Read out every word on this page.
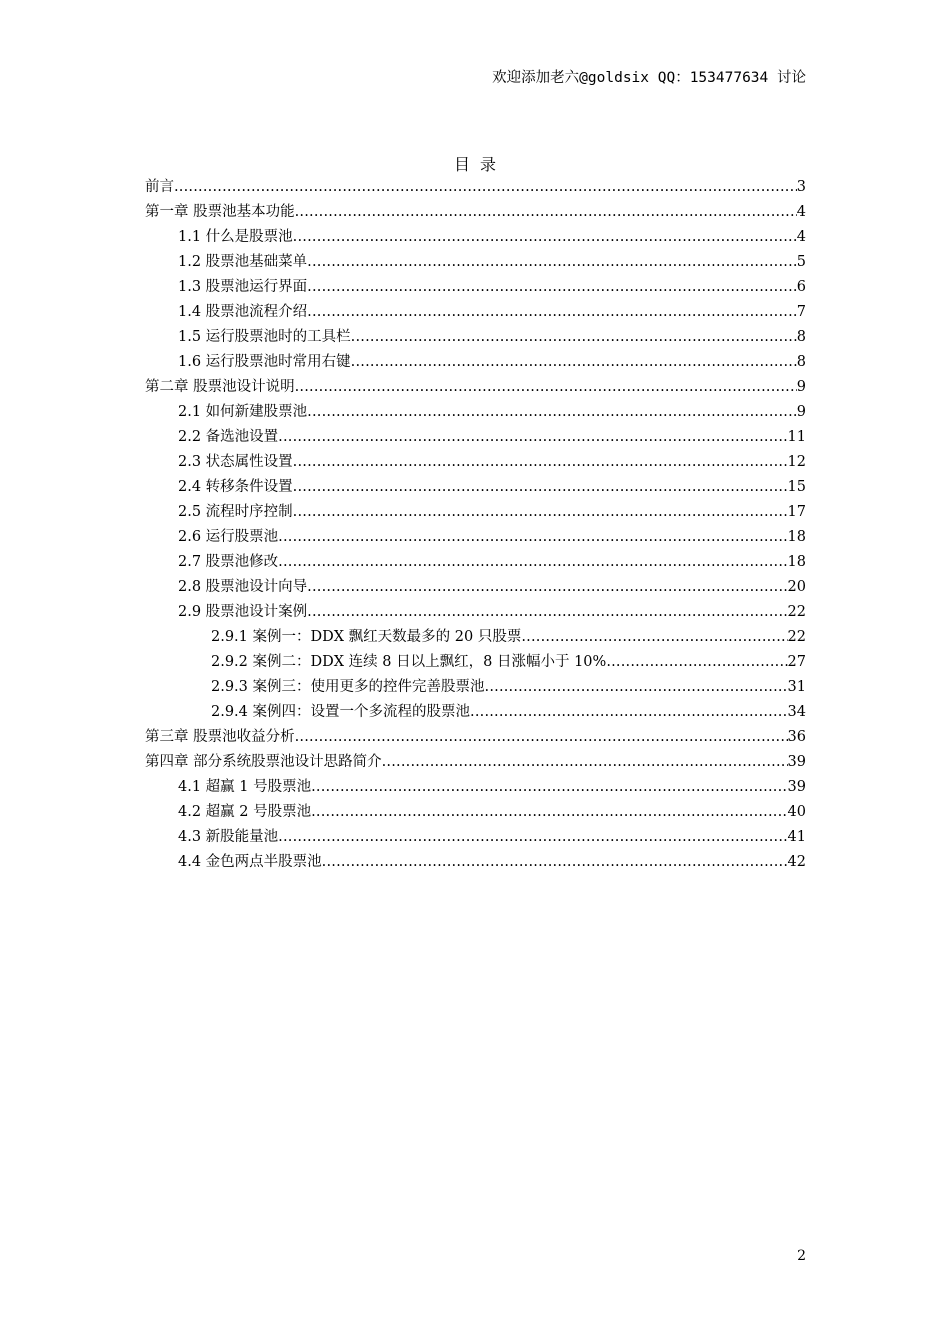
欢迎添加老六@goldsix QQ：153477634 讨论
目录
前言 .....	3
第一章 股票池基本功能 .....	4
1.1 什么是股票池 .....	4
1.2 股票池基础菜单 .....	5
1.3 股票池运行界面 .....	6
1.4 股票池流程介绍 .....	7
1.5 运行股票池时的工具栏 .....	8
1.6 运行股票池时常用右键 .....	8
第二章 股票池设计说明 .....	9
2.1 如何新建股票池 .....	9
2.2 备选池设置 .....	11
2.3 状态属性设置 .....	12
2.4 转移条件设置 .....	15
2.5 流程时序控制 .....	17
2.6 运行股票池 .....	18
2.7 股票池修改 .....	18
2.8 股票池设计向导 .....	20
2.9 股票池设计案例 .....	22
2.9.1 案例一：DDX 飘红天数最多的 20 只股票 .....	22
2.9.2 案例二：DDX 连续 8 日以上飘红，8 日涨幅小于 10% .....	27
2.9.3 案例三：使用更多的控件完善股票池 .....	31
2.9.4 案例四：设置一个多流程的股票池 .....	34
第三章 股票池收益分析 .....	36
第四章 部分系统股票池设计思路简介 .....	39
4.1 超赢 1 号股票池 .....	39
4.2 超赢 2 号股票池 .....	40
4.3 新股能量池 .....	41
4.4 金色两点半股票池 .....	42
2
